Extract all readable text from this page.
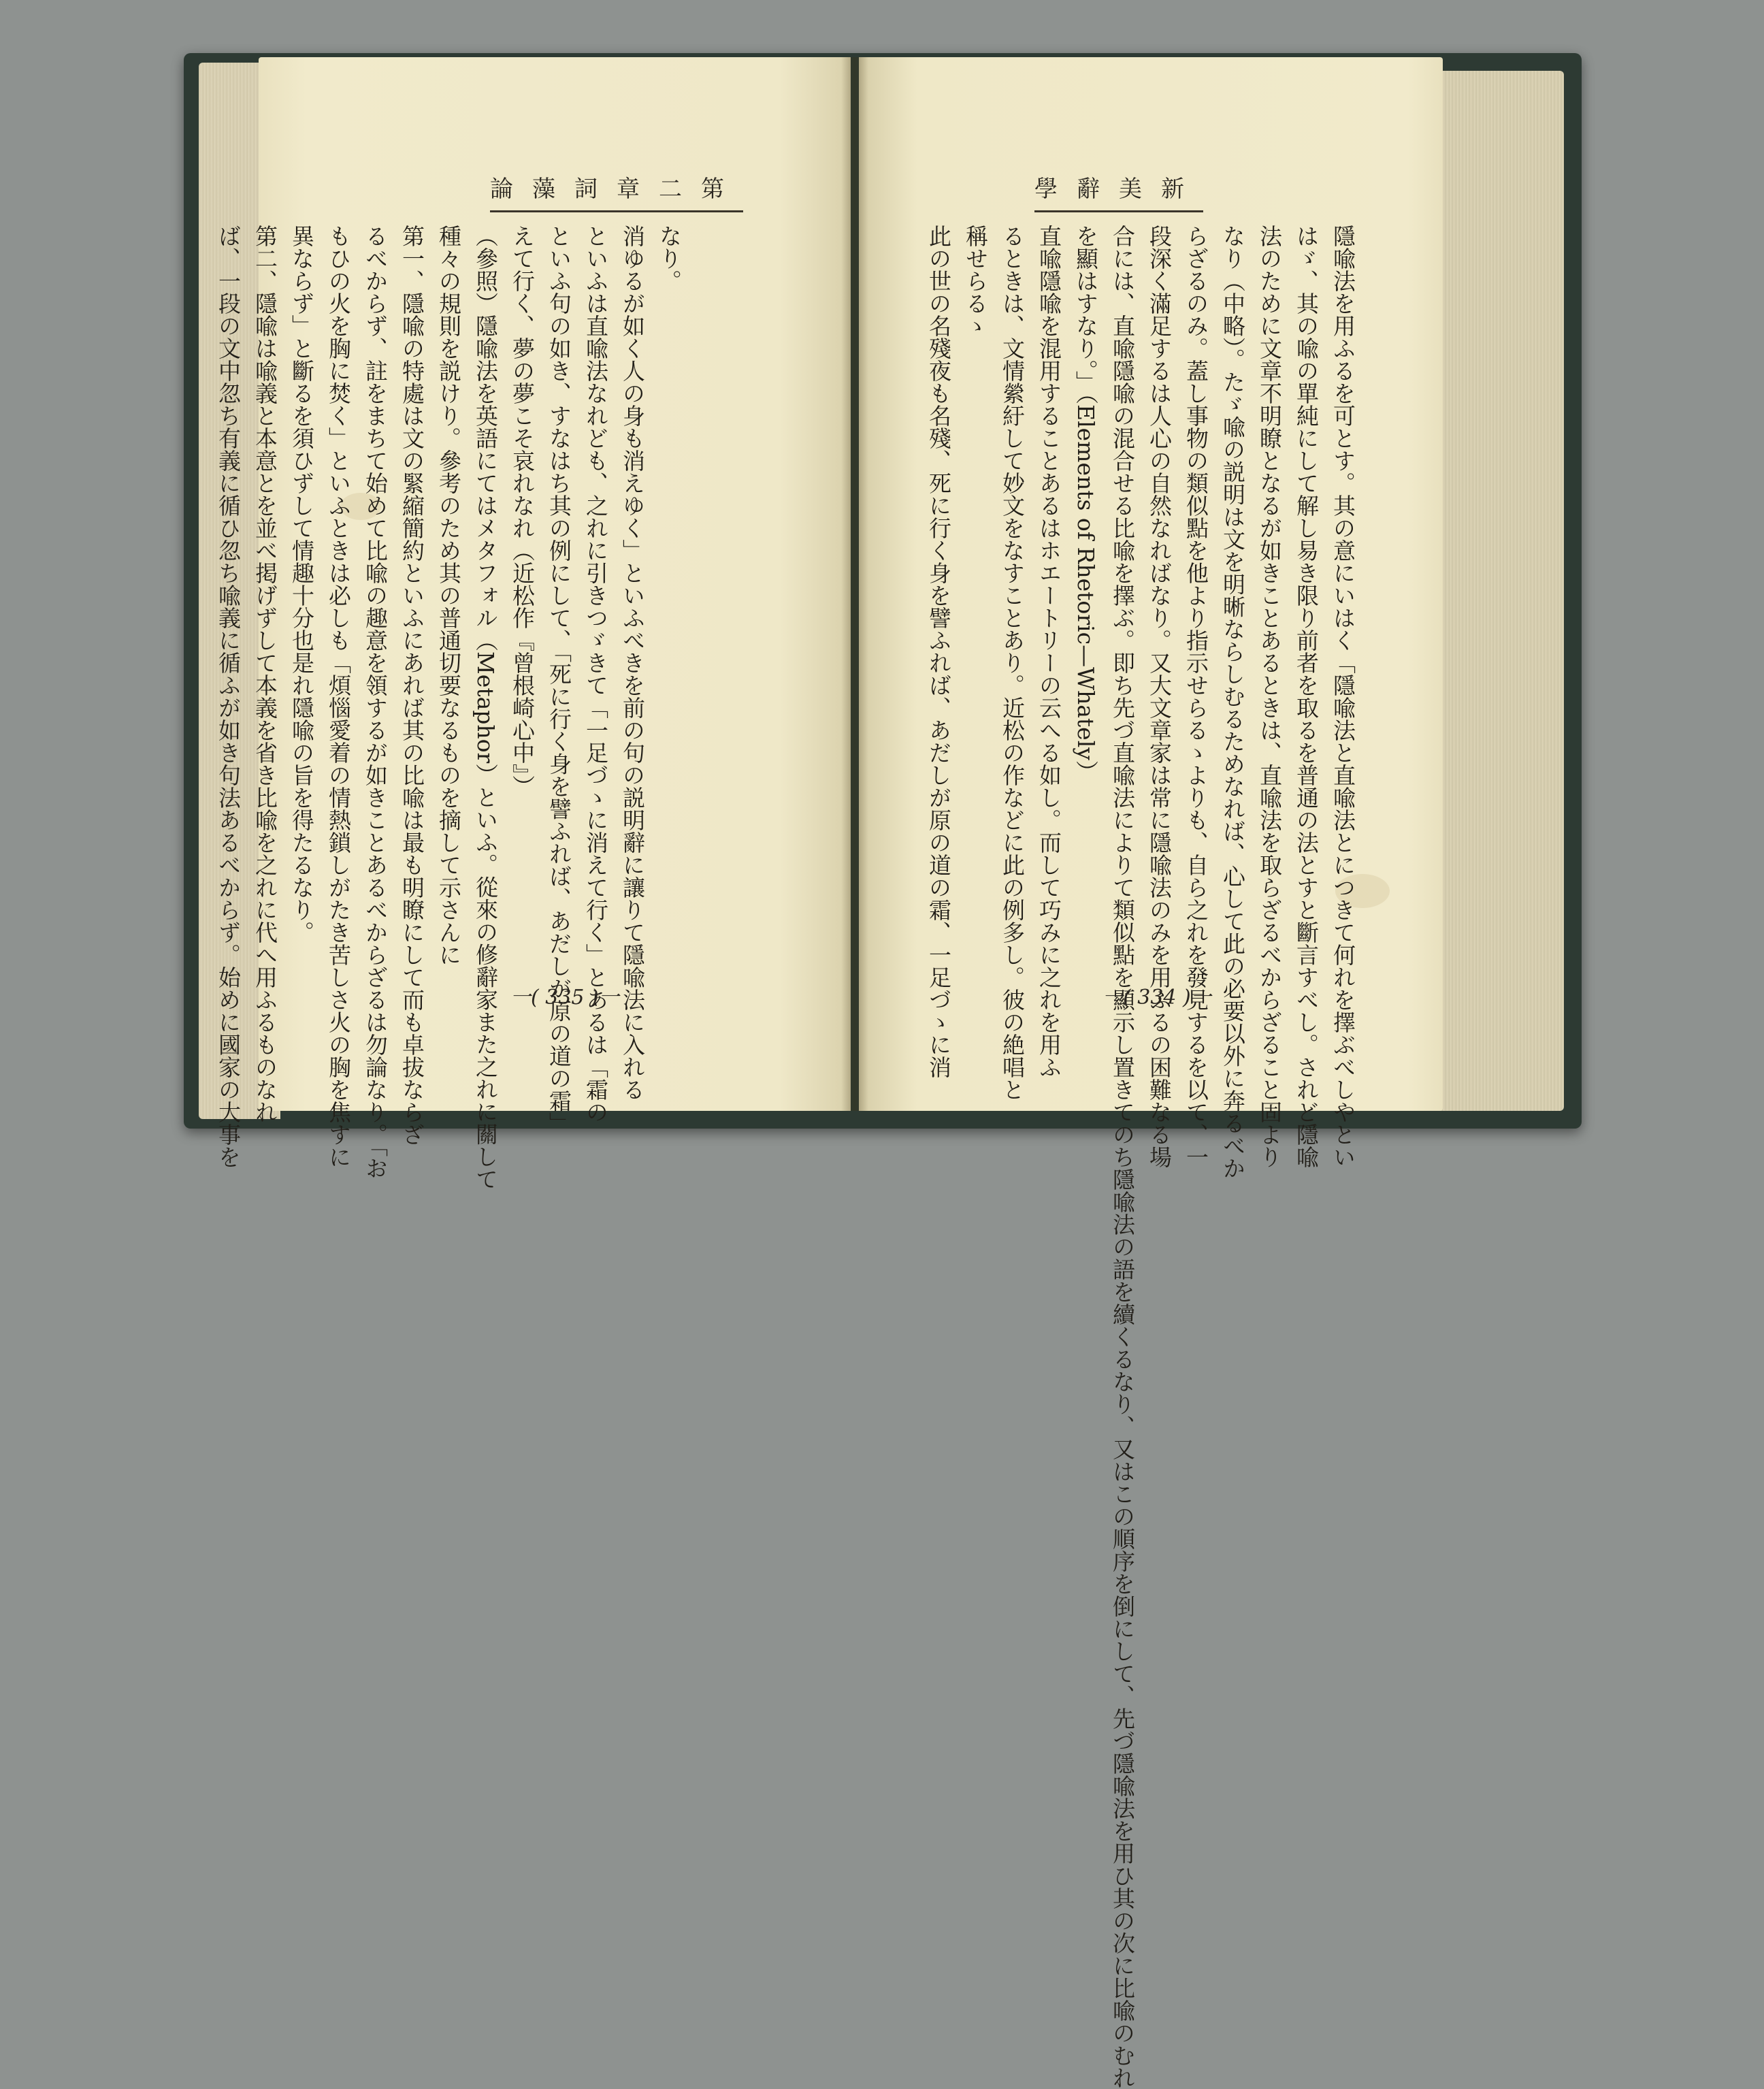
論藻詞章二第	學辭美新
なり。
消ゆるが如く人の身も消えゆく」といふべきを前の句の説明辭に讓りて隱喩法に入れる
といふは直喩法なれども、之れに引きつゞきて「一足づゝに消えて行く」とあるは「霜の
といふ句の如き、すなはち其の例にして、「死に行く身を譬ふれば、あだしが原の道の霜」
えて行く、夢の夢こそ哀れなれ（近松作『曾根崎心中』）
（參照）隱喩法を英語にてはメタフォル（Metaphor）といふ。從來の修辭家また之れに關して
種々の規則を説けり。參考のため其の普通切要なるものを摘して示さんに
第一、隱喩の特處は文の緊縮簡約といふにあれば其の比喩は最も明瞭にして而も卓拔ならざ
るべからず、註をまちて始めて比喩の趣意を領するが如きことあるべからざるは勿論なり。「お
もひの火を胸に焚く」といふときは必しも「煩惱愛着の情熱鎖しがたき苦しさ火の胸を焦すに
異ならず」と斷るを須ひずして情趣十分也是れ隱喩の旨を得たるなり。
第二、隱喩は喩義と本意とを並べ掲げずして本義を省き比喩を之れに代へ用ふるものなれ
ば、一段の文中忽ち有義に循ひ忽ち喩義に循ふが如き句法あるべからず。始めに國家の大事を	隱喩法を用ふるを可とす。其の意にいはく「隱喩法と直喩法とにつきて何れを擇ぶべしやとい
はゞ、其の喩の單純にして解し易き限り前者を取るを普通の法とすと斷言すべし。されど隱喩
法のために文章不明瞭となるが如きことあるときは、直喩法を取らざるべからざること固より
なり（中略）。たゞ喩の説明は文を明晰ならしむるためなれば、心して此の必要以外に奔るべか
らざるのみ。蓋し事物の類似點を他より指示せらるゝよりも、自ら之れを發見するを以て、一
段深く滿足するは人心の自然なればなり。又大文章家は常に隱喩法のみを用ふるの困難なる場
合には、直喩隱喩の混合せる比喩を擇ぶ。即ち先づ直喩法によりて類似點を顯示し置きてのち隱喩法の語を續くるなり、又はこの順序を倒にして、先づ隱喩法を用ひ其の次に比喩のむれ
を顯はすなり。」（Elements of Rhetoric—Whately）
直喩隱喩を混用することあるはホエートリーの云へる如し。而して巧みに之れを用ふ
るときは、文情縈紆して妙文をなすことあり。近松の作などに此の例多し。彼の絶唱と
稱せらるゝ
此の世の名殘夜も名殘、死に行く身を譬ふれば、あだしが原の道の霜、一足づゝに消
一( 335 )一	一( 334 )一
